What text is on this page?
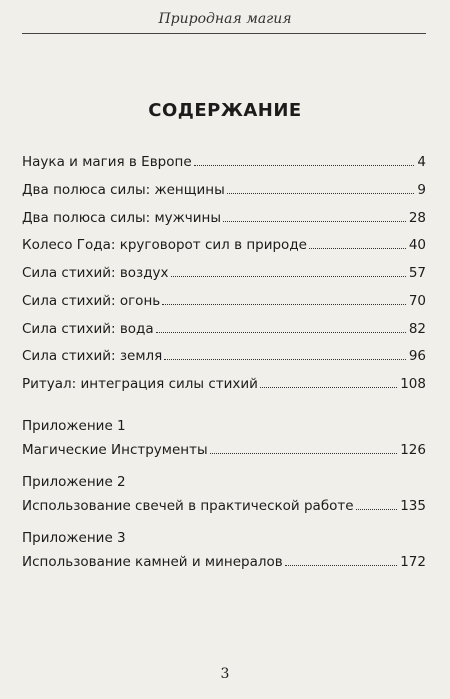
Природная магия
СОДЕРЖАНИЕ
Наука и магия в Европе	4
Два полюса силы: женщины	9
Два полюса силы: мужчины	28
Колесо Года: круговорот сил в природе	40
Сила стихий: воздух	57
Сила стихий: огонь	70
Сила стихий: вода	82
Сила стихий: земля	96
Ритуал: интеграция силы стихий	108
Приложение 1
Магические Инструменты	126
Приложение 2
Использование свечей в практической работе	135
Приложение 3
Использование камней и минералов	172
3
